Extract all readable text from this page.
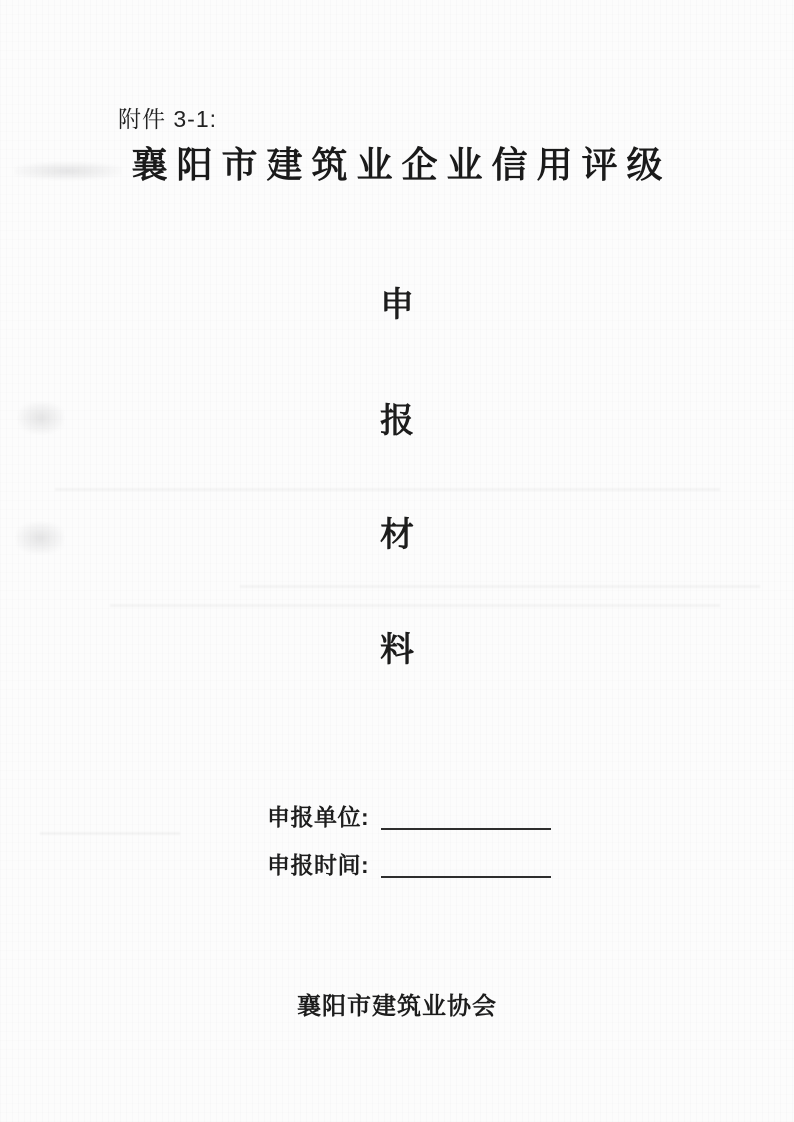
附件 3-1:
襄阳市建筑业企业信用评级
申
报
材
料
申报单位:
申报时间:
襄阳市建筑业协会
